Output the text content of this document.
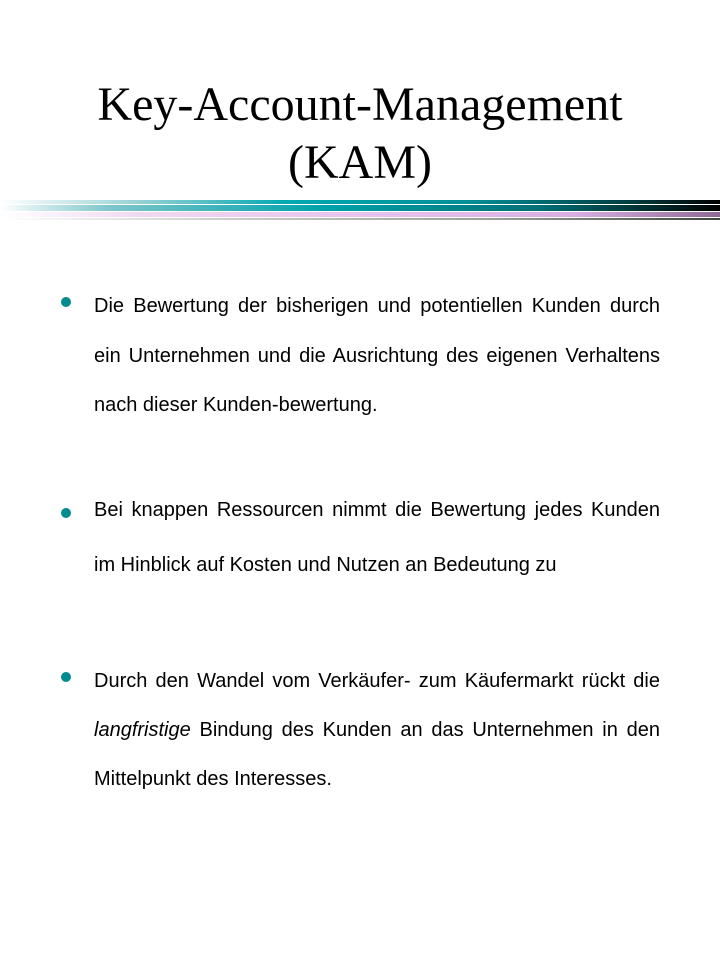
Key-Account-Management
(KAM)
Die Bewertung der bisherigen und potentiellen Kunden durch ein Unternehmen und die Ausrichtung des eigenen Verhaltens nach dieser Kunden-bewertung.
Bei knappen Ressourcen nimmt die Bewertung jedes Kunden im Hinblick auf Kosten und Nutzen an Bedeutung zu
Durch den Wandel vom Verkäufer- zum Käufermarkt rückt die langfristige Bindung des Kunden an das Unternehmen in den Mittelpunkt des Interesses.
